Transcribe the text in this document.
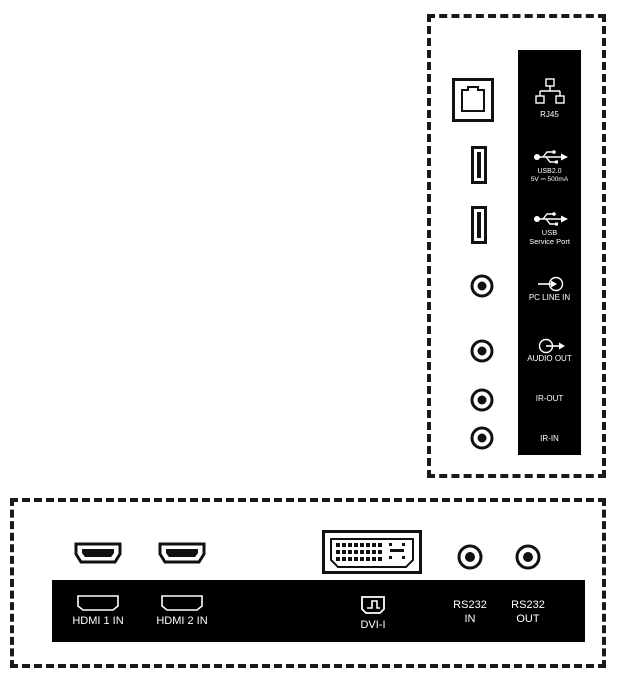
RJ45
USB2.0
5V ⎓ 500mA
USB
Service Port
PC LINE IN
AUDIO OUT
IR-OUT
IR-IN
HDMI 1 IN	HDMI 2 IN	DVI-I
RS232
IN
RS232
OUT
